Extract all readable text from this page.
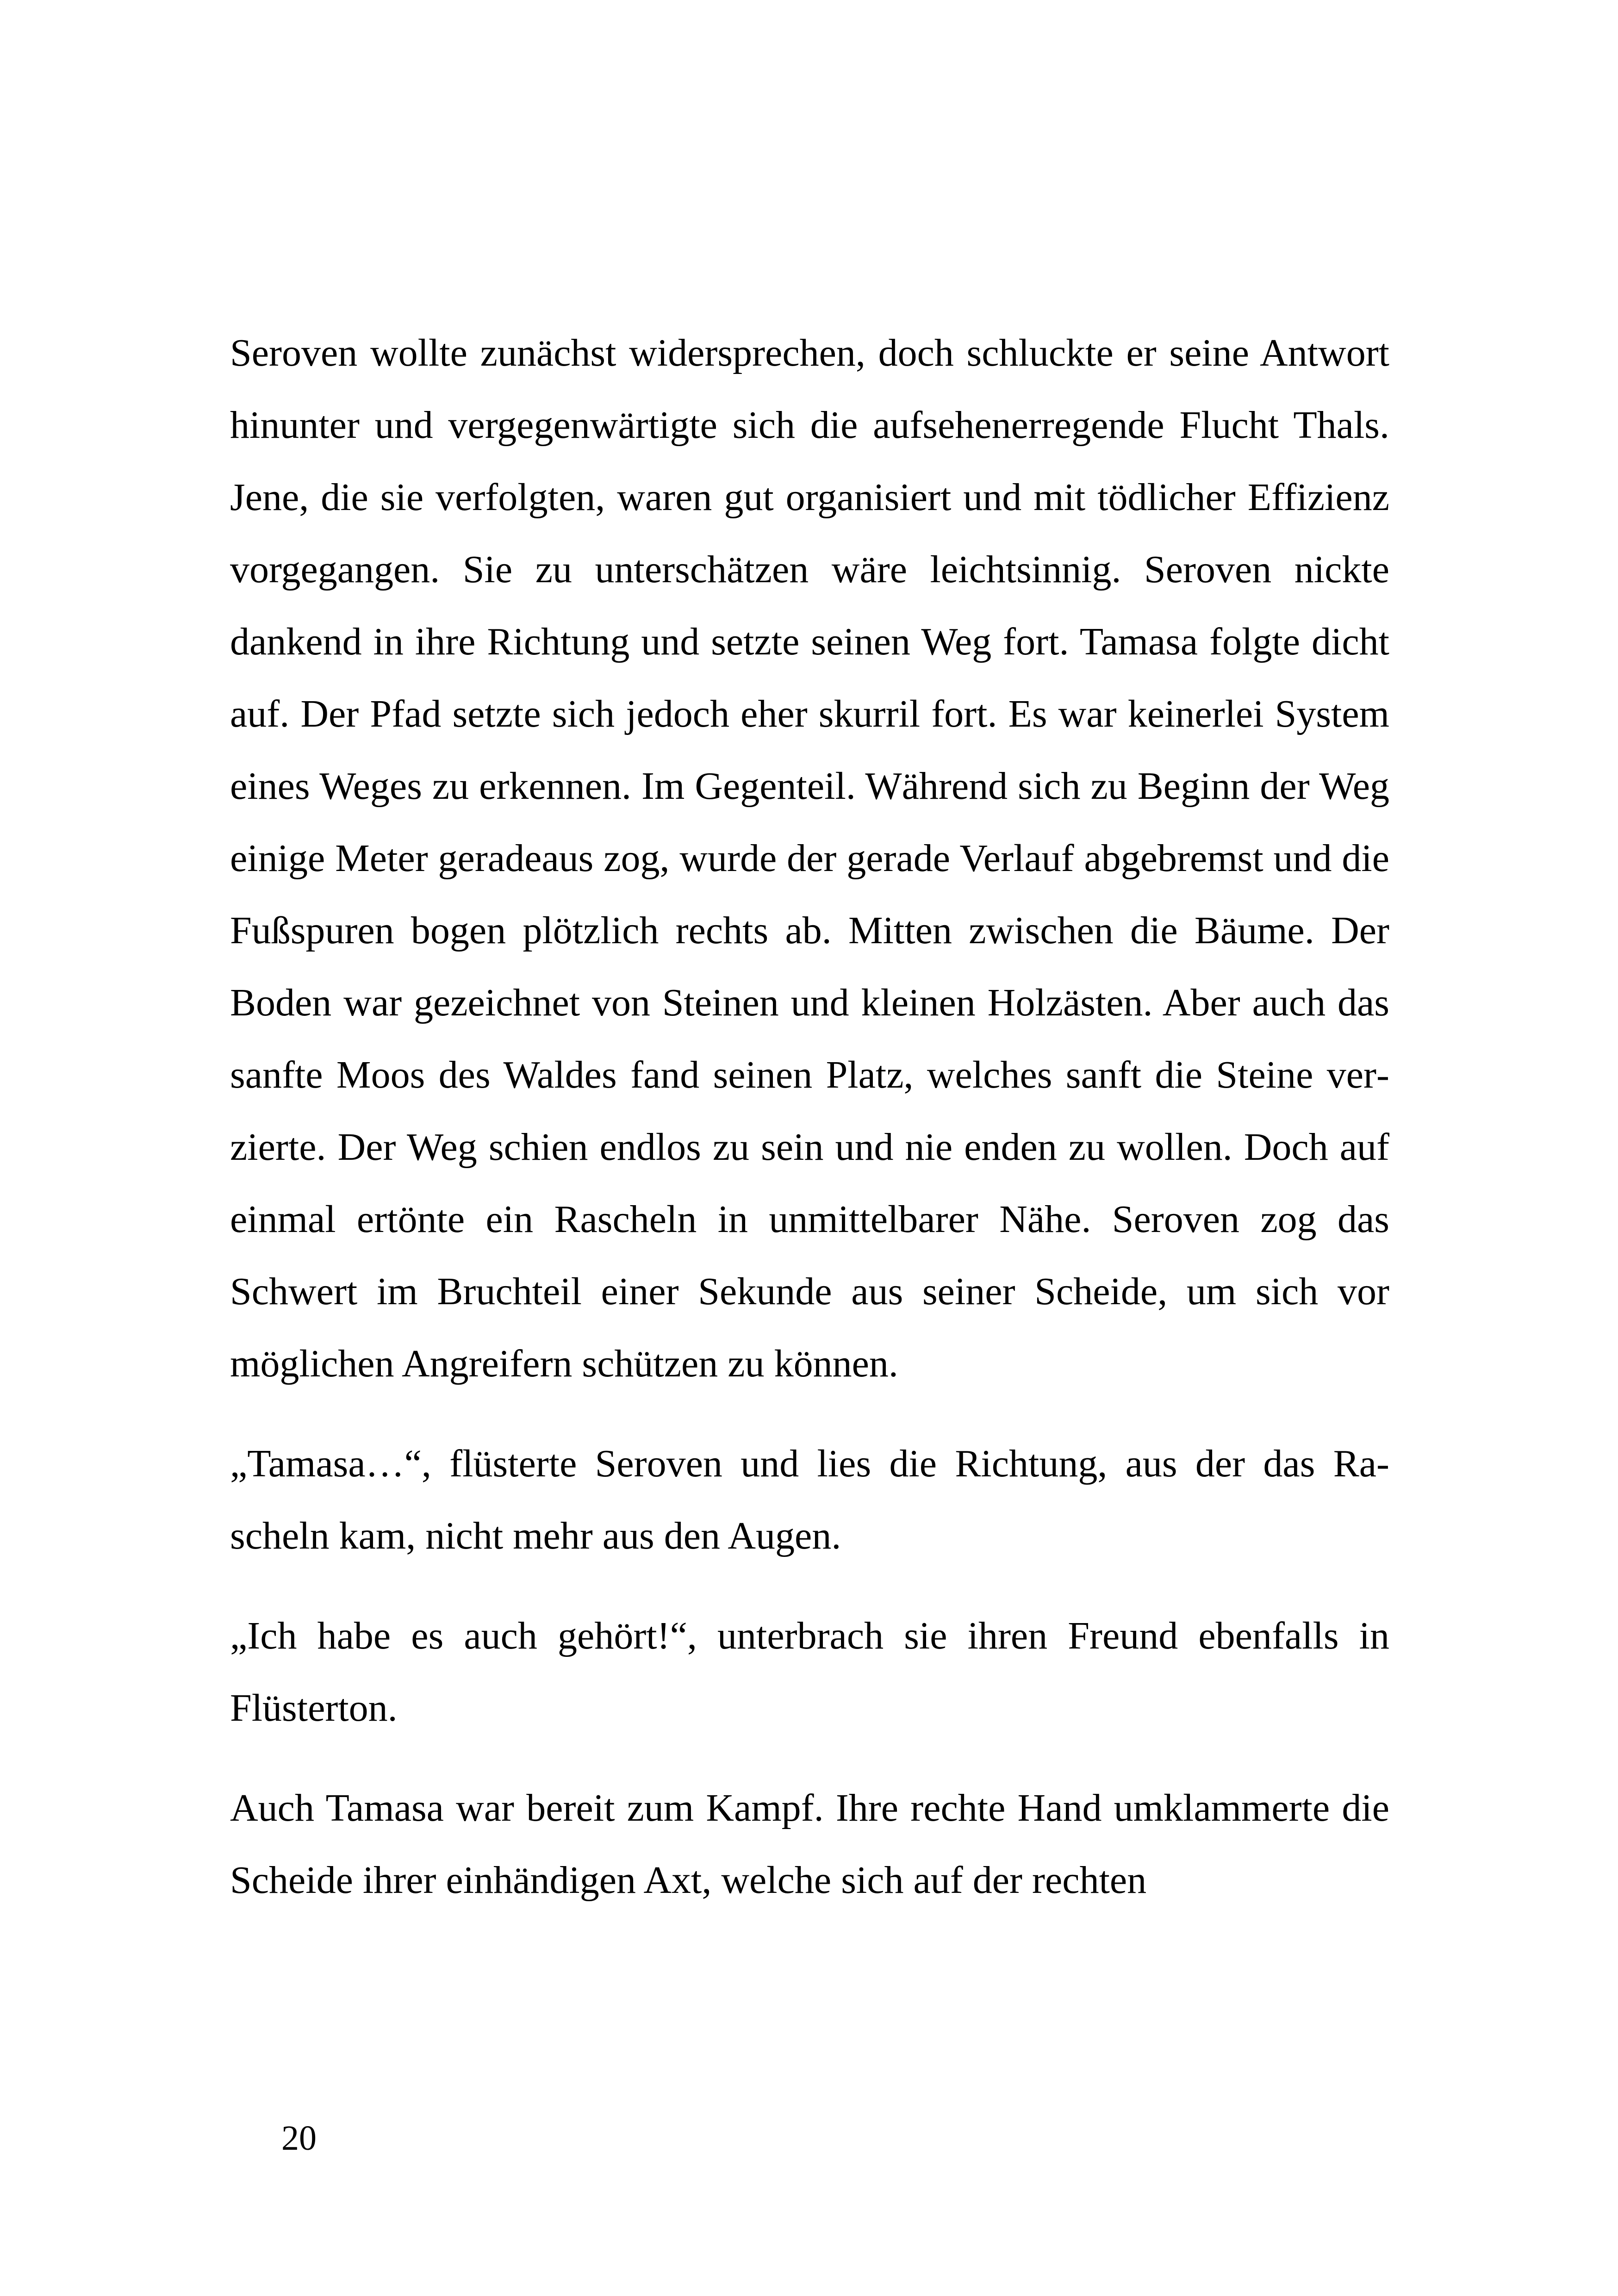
Seroven wollte zunächst widersprechen, doch schluckte er seine Antwort hinunter und vergegenwärtigte sich die aufsehenerregende Flucht Thals. Jene, die sie verfolgten, waren gut organisiert und mit tödlicher Effizienz vorgegangen. Sie zu unterschätzen wäre leichtsinnig. Seroven nickte dankend in ihre Richtung und setzte seinen Weg fort. Tamasa folgte dicht auf. Der Pfad setzte sich jedoch eher skurril fort. Es war keinerlei System eines Weges zu erkennen. Im Gegenteil. Während sich zu Beginn der Weg einige Meter geradeaus zog, wurde der gerade Verlauf abgebremst und die Fußspuren bogen plötzlich rechts ab. Mitten zwischen die Bäume. Der Boden war gezeichnet von Steinen und kleinen Holzästen. Aber auch das sanfte Moos des Waldes fand seinen Platz, welches sanft die Steine verzierte. Der Weg schien endlos zu sein und nie enden zu wollen. Doch auf einmal ertönte ein Rascheln in unmittelbarer Nähe. Seroven zog das Schwert im Bruchteil einer Sekunde aus seiner Scheide, um sich vor möglichen Angreifern schützen zu können.

„Tamasa…“, flüsterte Seroven und lies die Richtung, aus der das Rascheln kam, nicht mehr aus den Augen.

„Ich habe es auch gehört!“, unterbrach sie ihren Freund ebenfalls in Flüsterton.

Auch Tamasa war bereit zum Kampf. Ihre rechte Hand umklammerte die Scheide ihrer einhändigen Axt, welche sich auf der rechten

20
